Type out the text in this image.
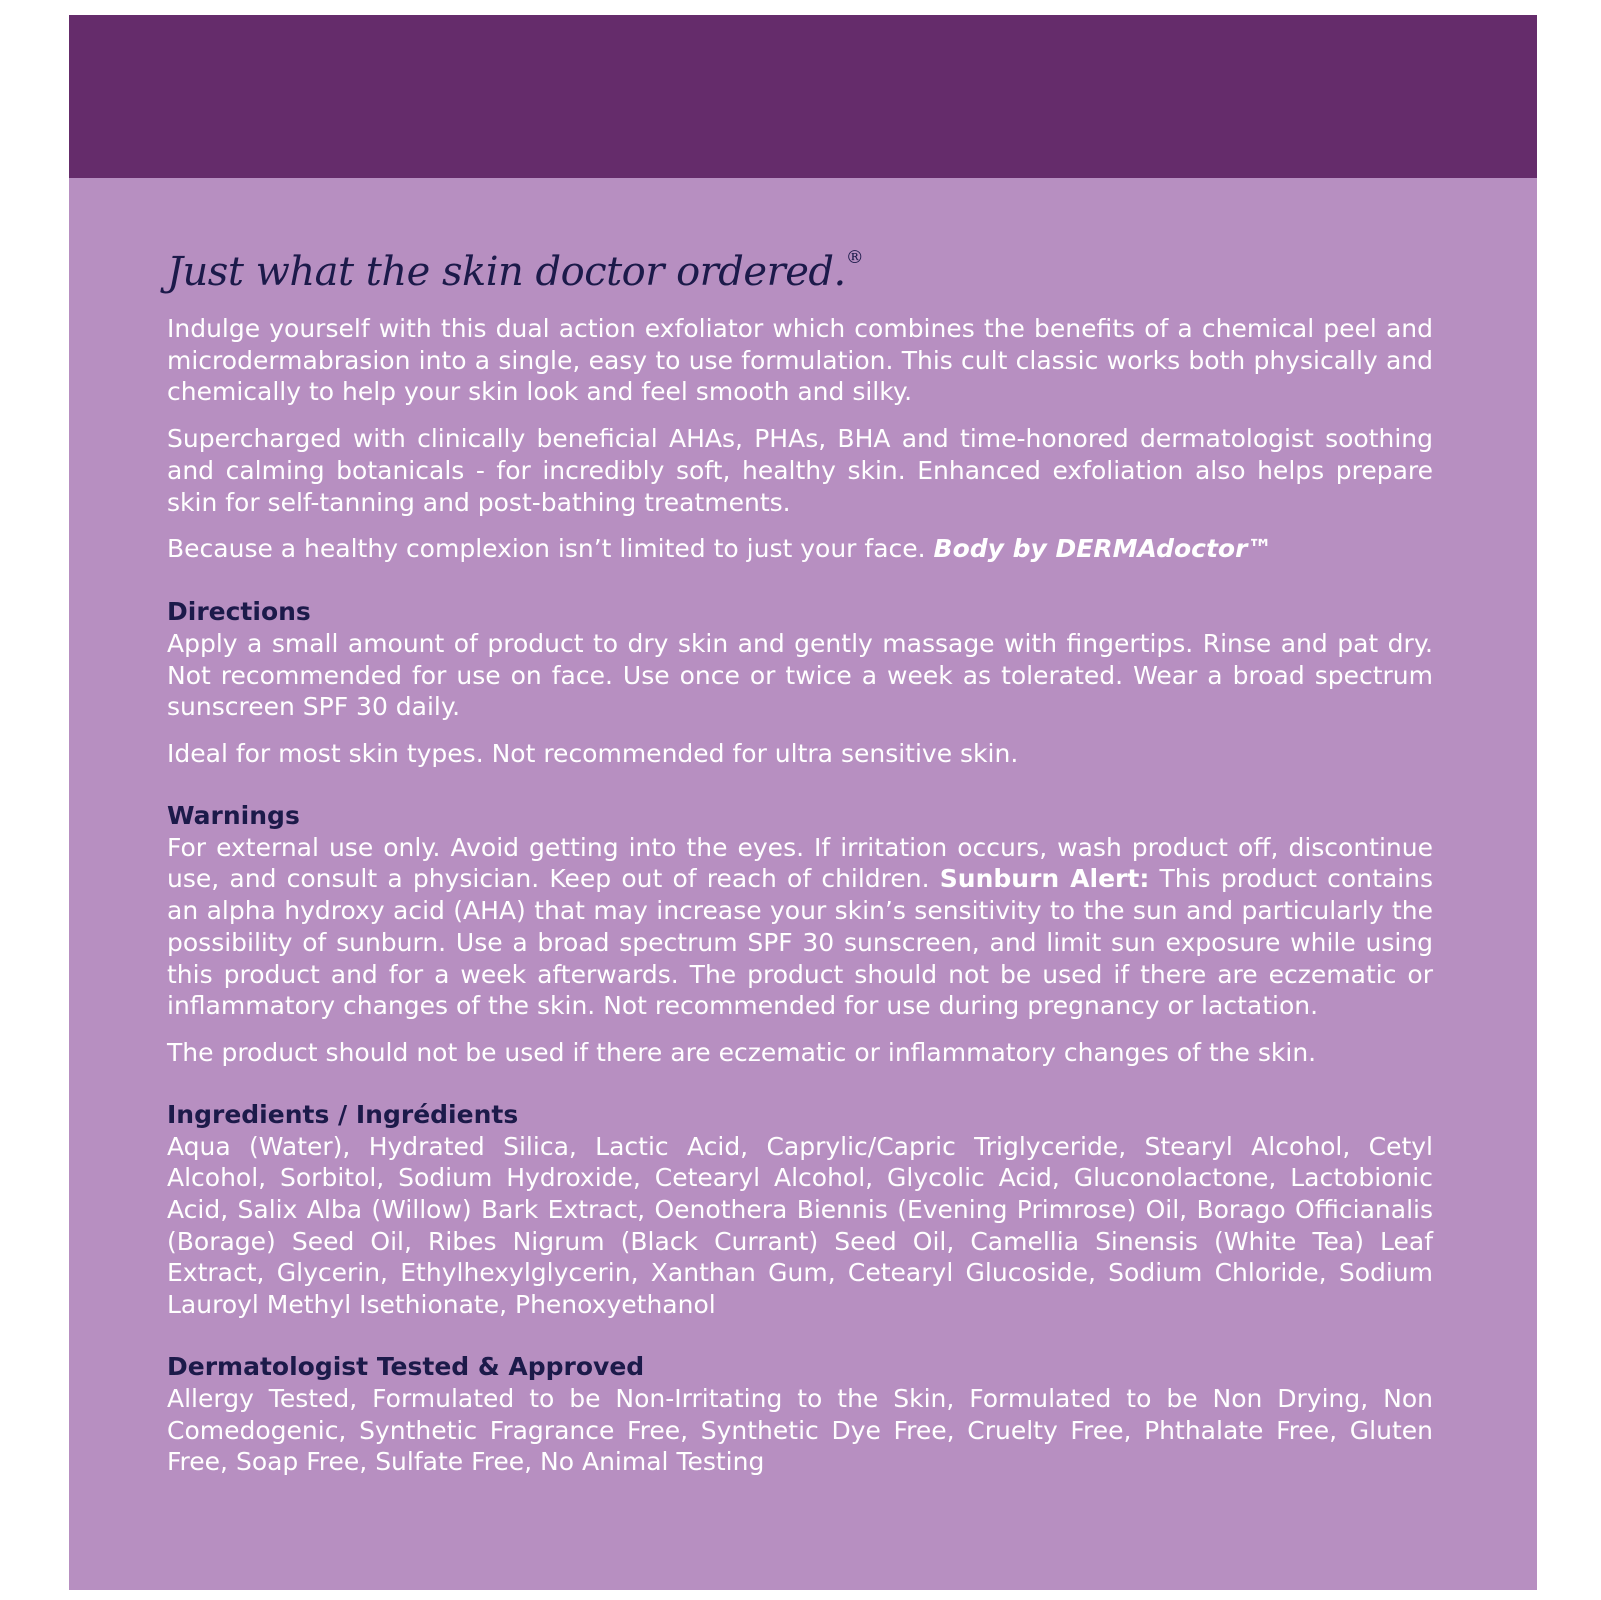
Just what the skin doctor ordered.®

Indulge yourself with this dual action exfoliator which combines the benefits of a chemical peel and microdermabrasion into a single, easy to use formulation. This cult classic works both physically and chemically to help your skin look and feel smooth and silky.

Supercharged with clinically beneficial AHAs, PHAs, BHA and time-honored dermatologist soothing and calming botanicals - for incredibly soft, healthy skin. Enhanced exfoliation also helps prepare skin for self-tanning and post-bathing treatments.

Because a healthy complexion isn’t limited to just your face. Body by DERMAdoctor™

Directions

Apply a small amount of product to dry skin and gently massage with fingertips. Rinse and pat dry. Not recommended for use on face. Use once or twice a week as tolerated. Wear a broad spectrum sunscreen SPF 30 daily.

Ideal for most skin types. Not recommended for ultra sensitive skin.

Warnings

For external use only. Avoid getting into the eyes. If irritation occurs, wash product off, discontinue use, and consult a physician. Keep out of reach of children. Sunburn Alert: This product contains an alpha hydroxy acid (AHA) that may increase your skin’s sensitivity to the sun and particularly the possibility of sunburn. Use a broad spectrum SPF 30 sunscreen, and limit sun exposure while using this product and for a week afterwards. The product should not be used if there are eczematic or inflammatory changes of the skin. Not recommended for use during pregnancy or lactation.

The product should not be used if there are eczematic or inflammatory changes of the skin.

Ingredients / Ingrédients

Aqua (Water), Hydrated Silica, Lactic Acid, Caprylic/Capric Triglyceride, Stearyl Alcohol, Cetyl Alcohol, Sorbitol, Sodium Hydroxide, Cetearyl Alcohol, Glycolic Acid, Gluconolactone, Lactobionic Acid, Salix Alba (Willow) Bark Extract, Oenothera Biennis (Evening Primrose) Oil, Borago Officianalis (Borage) Seed Oil, Ribes Nigrum (Black Currant) Seed Oil, Camellia Sinensis (White Tea) Leaf Extract, Glycerin, Ethylhexylglycerin, Xanthan Gum, Cetearyl Glucoside, Sodium Chloride, Sodium Lauroyl Methyl Isethionate, Phenoxyethanol

Dermatologist Tested & Approved

Allergy Tested, Formulated to be Non-Irritating to the Skin, Formulated to be Non Drying, Non Comedogenic, Synthetic Fragrance Free, Synthetic Dye Free, Cruelty Free, Phthalate Free, Gluten Free, Soap Free, Sulfate Free, No Animal Testing
